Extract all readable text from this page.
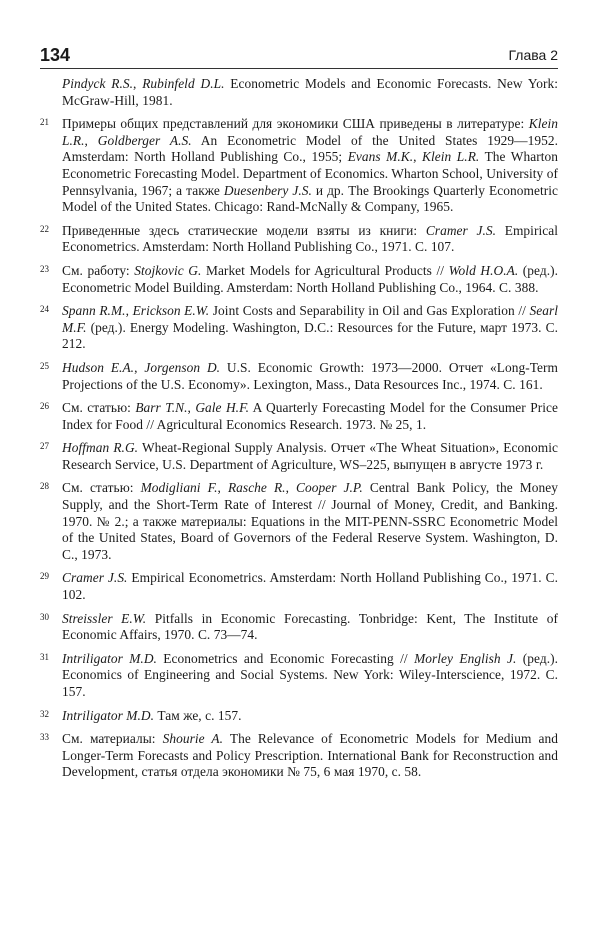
134	Глава 2
Pindyck R.S., Rubinfeld D.L. Econometric Models and Economic Forecasts. New York: McGraw-Hill, 1981.
21 Примеры общих представлений для экономики США приведены в литературе: Klein L.R., Goldberger A.S. An Econometric Model of the United States 1929—1952. Amsterdam: North Holland Publishing Co., 1955; Evans M.K., Klein L.R. The Wharton Econometric Forecasting Model. Department of Economics. Wharton School, University of Pennsylvania, 1967; а также Duesenbery J.S. и др. The Brookings Quarterly Econometric Model of the United States. Chicago: Rand-McNally & Company, 1965.
22 Приведенные здесь статические модели взяты из книги: Cramer J.S. Empirical Econometrics. Amsterdam: North Holland Publishing Co., 1971. С. 107.
23 См. работу: Stojkovic G. Market Models for Agricultural Products // Wold H.O.A. (ред.). Econometric Model Building. Amsterdam: North Holland Publishing Co., 1964. С. 388.
24 Spann R.M., Erickson E.W. Joint Costs and Separability in Oil and Gas Exploration // Searl M.F. (ред.). Energy Modeling. Washington, D.C.: Resources for the Future, март 1973. С. 212.
25 Hudson E.A., Jorgenson D. U.S. Economic Growth: 1973—2000. Отчет «Long-Term Projections of the U.S. Economy». Lexington, Mass., Data Resources Inc., 1974. С. 161.
26 См. статью: Barr T.N., Gale H.F. A Quarterly Forecasting Model for the Consumer Price Index for Food // Agricultural Economics Research. 1973. № 25, 1.
27 Hoffman R.G. Wheat-Regional Supply Analysis. Отчет «The Wheat Situation», Economic Research Service, U.S. Department of Agriculture, WS–225, выпущен в августе 1973 г.
28 См. статью: Modigliani F., Rasche R., Cooper J.P. Central Bank Policy, the Money Supply, and the Short-Term Rate of Interest // Journal of Money, Credit, and Banking. 1970. № 2.; а также материалы: Equations in the MIT-PENN-SSRC Econometric Model of the United States, Board of Governors of the Federal Reserve System. Washington, D. C., 1973.
29 Cramer J.S. Empirical Econometrics. Amsterdam: North Holland Publishing Co., 1971. С. 102.
30 Streissler E.W. Pitfalls in Economic Forecasting. Tonbridge: Kent, The Institute of Economic Affairs, 1970. С. 73—74.
31 Intriligator M.D. Econometrics and Economic Forecasting // Morley English J. (ред.). Economics of Engineering and Social Systems. New York: Wiley-Interscience, 1972. С. 157.
32 Intriligator M.D. Там же, с. 157.
33 См. материалы: Shourie A. The Relevance of Econometric Models for Medium and Longer-Term Forecasts and Policy Prescription. International Bank for Reconstruction and Development, статья отдела экономики № 75, 6 мая 1970, с. 58.
